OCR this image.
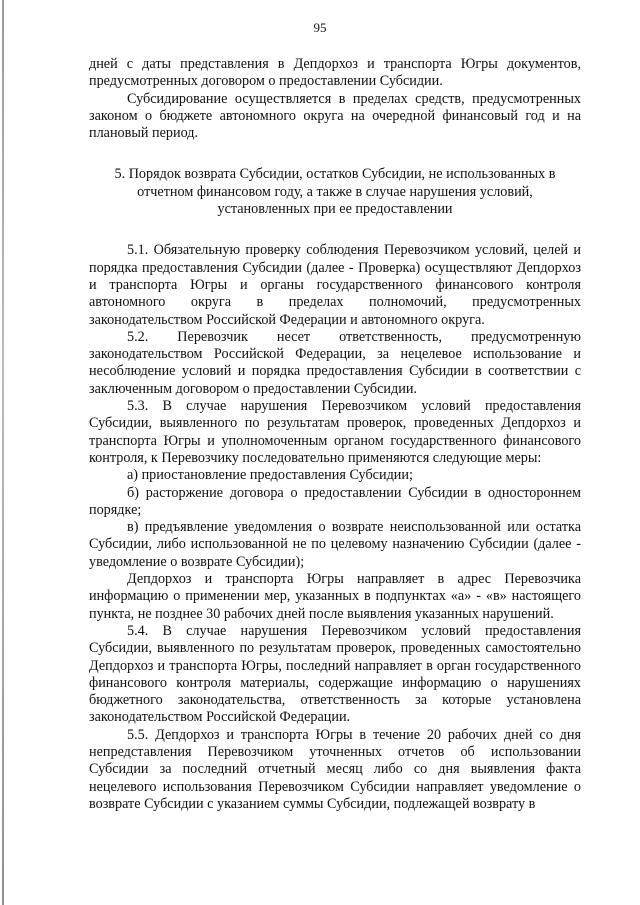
95

дней с даты представления в Депдорхоз и транспорта Югры документов, предусмотренных договором о предоставлении Субсидии.

Субсидирование осуществляется в пределах средств, предусмотренных законом о бюджете автономного округа на очередной финансовый год и на плановый период.

5. Порядок возврата Субсидии, остатков Субсидии, не использованных в отчетном финансовом году, а также в случае нарушения условий, установленных при ее предоставлении

5.1. Обязательную проверку соблюдения Перевозчиком условий, целей и порядка предоставления Субсидии (далее - Проверка) осуществляют Депдорхоз и транспорта Югры и органы государственного финансового контроля автономного округа в пределах полномочий, предусмотренных законодательством Российской Федерации и автономного округа.

5.2. Перевозчик несет ответственность, предусмотренную законодательством Российской Федерации, за нецелевое использование и несоблюдение условий и порядка предоставления Субсидии в соответствии с заключенным договором о предоставлении Субсидии.

5.3. В случае нарушения Перевозчиком условий предоставления Субсидии, выявленного по результатам проверок, проведенных Депдорхоз и транспорта Югры и уполномоченным органом государственного финансового контроля, к Перевозчику последовательно применяются следующие меры:

а) приостановление предоставления Субсидии;

б) расторжение договора о предоставлении Субсидии в одностороннем порядке;

в) предъявление уведомления о возврате неиспользованной или остатка Субсидии, либо использованной не по целевому назначению Субсидии (далее - уведомление о возврате Субсидии);

Депдорхоз и транспорта Югры направляет в адрес Перевозчика информацию о применении мер, указанных в подпунктах «а» - «в» настоящего пункта, не позднее 30 рабочих дней после выявления указанных нарушений.

5.4. В случае нарушения Перевозчиком условий предоставления Субсидии, выявленного по результатам проверок, проведенных самостоятельно Депдорхоз и транспорта Югры, последний направляет в орган государственного финансового контроля материалы, содержащие информацию о нарушениях бюджетного законодательства, ответственность за которые установлена законодательством Российской Федерации.

5.5. Депдорхоз и транспорта Югры в течение 20 рабочих дней со дня непредставления Перевозчиком уточненных отчетов об использовании Субсидии за последний отчетный месяц либо со дня выявления факта нецелевого использования Перевозчиком Субсидии направляет уведомление о возврате Субсидии с указанием суммы Субсидии, подлежащей возврату в
